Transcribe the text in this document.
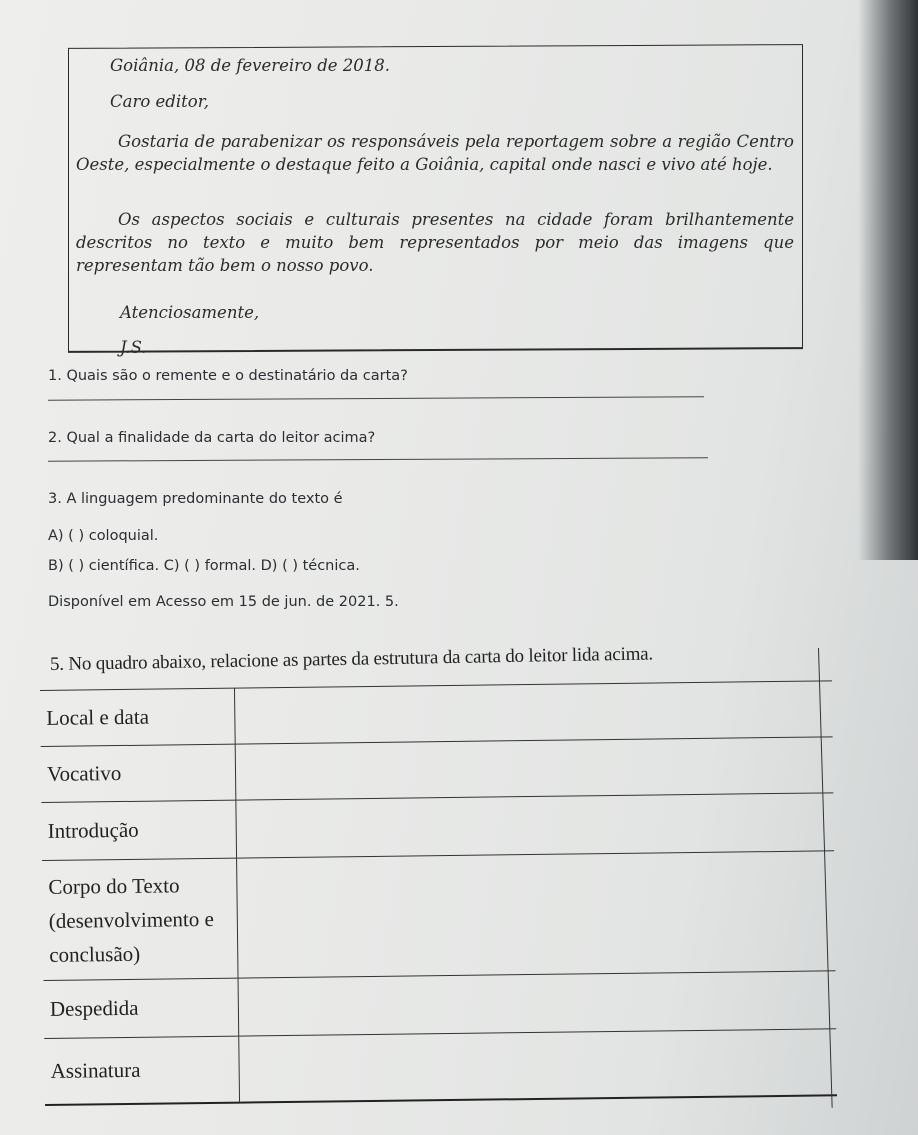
Goiânia, 08 de fevereiro de 2018.
Caro editor,
Gostaria de parabenizar os responsáveis pela reportagem sobre a região Centro Oeste, especialmente o destaque feito a Goiânia, capital onde nasci e vivo até hoje.
Os aspectos sociais e culturais presentes na cidade foram brilhantemente descritos no texto e muito bem representados por meio das imagens que representam tão bem o nosso povo.
Atenciosamente,
J.S.
1. Quais são o remente e o destinatário da carta?
2. Qual a finalidade da carta do leitor acima?
3. A linguagem predominante do texto é
A) ( ) coloquial.
B) ( ) científica. C) ( ) formal. D) ( ) técnica.
Disponível em Acesso em 15 de jun. de 2021. 5.
5. No quadro abaixo, relacione as partes da estrutura da carta do leitor lida acima.
Local e data	
Vocativo	
Introdução	
Corpo do Texto (desenvolvimento e conclusão)	
Despedida	
Assinatura	
